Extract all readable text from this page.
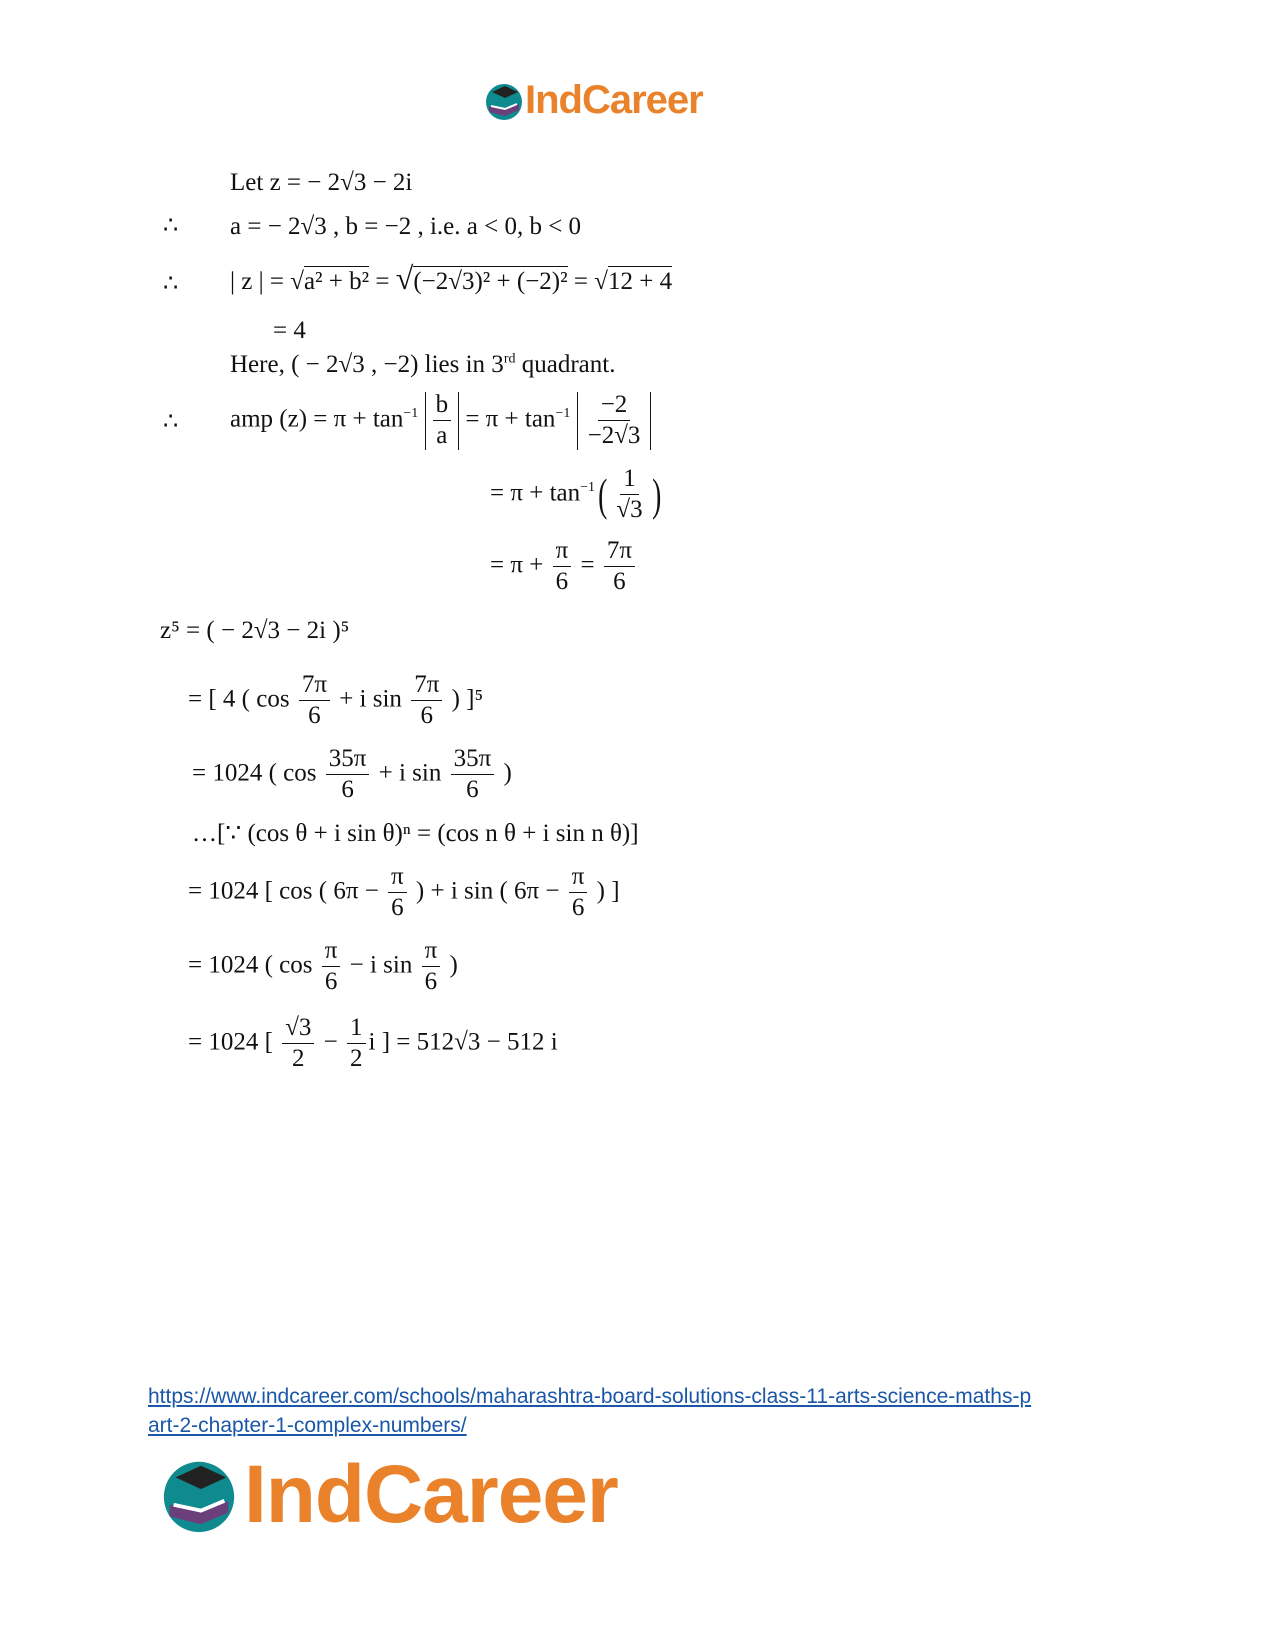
IndCareer
Let z = − 2√3 − 2i
∴ a = − 2√3 , b = −2 , i.e. a < 0, b < 0
∴ | z | = √a² + b² = √(−2√3)² + (−2)² = √12 + 4
= 4
Here, ( − 2√3 , −2) lies in 3rd quadrant.
∴ amp $(z) = \pi + \tan^{-1} \frac{b}{a} = \pi + \tan^{-1} \frac{-2}{-2√3}$
= $\pi + \tan^{-1}( \frac{1}{√3}$ )
= $\pi + \frac{\pi}{6} = \frac{7\pi}{6}$
z⁵ = ( − 2√3 − 2i )⁵
= [ 4 ( $\cos \frac{7\pi}{6} + i$ $\sin \frac{7\pi}{6}$ ) ]⁵
= 1024 ( $\cos \frac{35\pi}{6} + i$ $\sin \frac{35\pi}{6}$ )
…[∵ (cos θ + i sin θ)ⁿ = (cos n θ + i sin n θ)]
= 1024 [ cos ( $6\pi - \frac{\pi}{6}$ ) + i sin ( $6\pi - \frac{\pi}{6}$ ) ]
= 1024 ( $\cos \frac{\pi}{6} - i$ $\sin \frac{\pi}{6}$ )
= 1024 [ $\frac{√3}{2} - \frac{1}{2}$ i ] = 512√3 − 512 i
https://www.indcareer.com/schools/maharashtra-board-solutions-class-11-arts-science-maths-p
art-2-chapter-1-complex-numbers/
IndCareer
